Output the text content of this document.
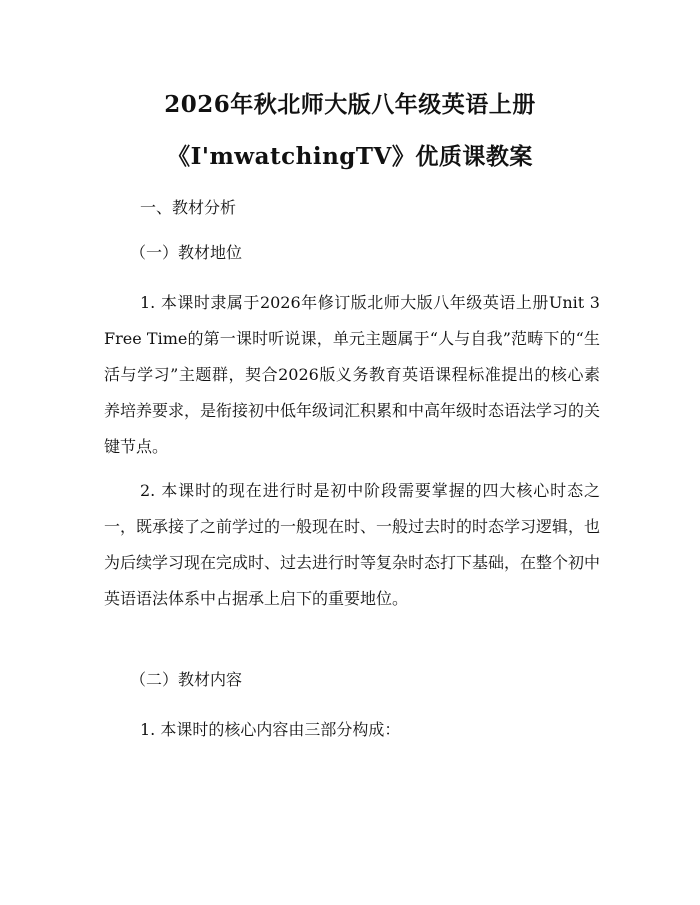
2026年秋北师大版八年级英语上册
《I'mwatchingTV》优质课教案
一、教材分析
（一）教材地位
1. 本课时隶属于2026年修订版北师大版八年级英语上册Unit 3 Free Time的第一课时听说课，单元主题属于“人与自我”范畴下的“生活与学习”主题群，契合2026版义务教育英语课程标准提出的核心素养培养要求，是衔接初中低年级词汇积累和中高年级时态语法学习的关键节点。
2. 本课时的现在进行时是初中阶段需要掌握的四大核心时态之一，既承接了之前学过的一般现在时、一般过去时的时态学习逻辑，也为后续学习现在完成时、过去进行时等复杂时态打下基础，在整个初中英语语法体系中占据承上启下的重要地位。
（二）教材内容
1. 本课时的核心内容由三部分构成：
